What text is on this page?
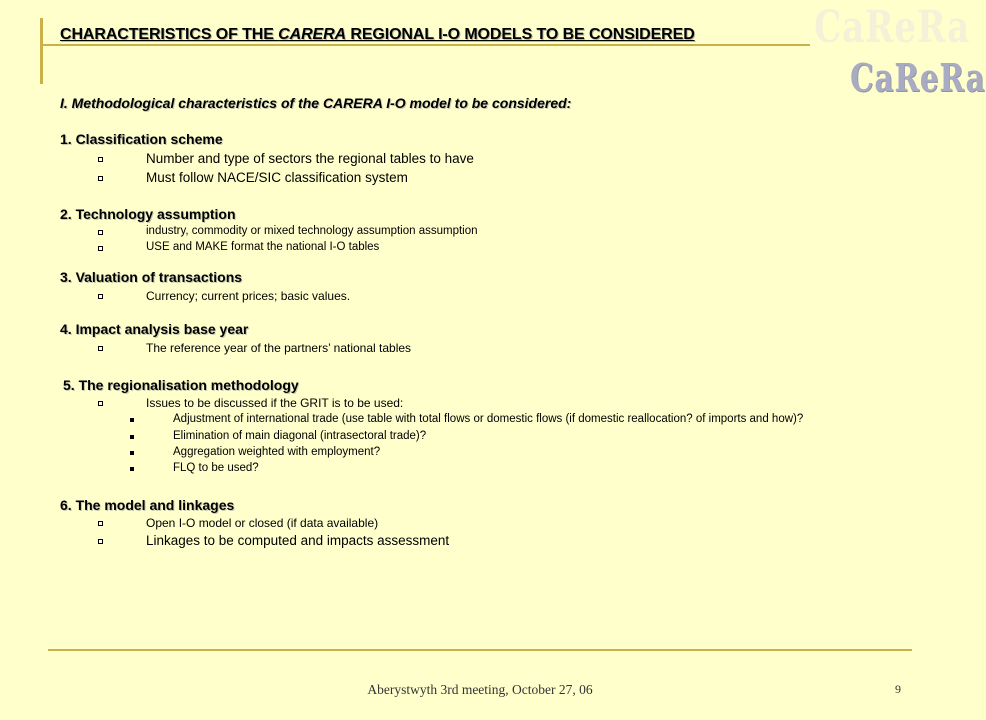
CaReRa
CaReRa
CHARACTERISTICS OF THE CARERA REGIONAL I-O MODELS TO BE CONSIDERED
I. Methodological characteristics of the CARERA I-O model to be considered:
1. Classification scheme
Number and type of sectors the regional tables to have
Must follow NACE/SIC classification system
2. Technology assumption
industry, commodity or mixed technology assumption assumption
USE and MAKE format the national I-O tables
3. Valuation of transactions
Currency; current prices; basic values.
4. Impact analysis base year
The reference year of the partners’ national tables
5. The regionalisation methodology
Issues to be discussed if the GRIT is to be used:
Adjustment of international trade (use table with total flows or domestic flows (if domestic reallocation? of imports and how)?
Elimination of main diagonal (intrasectoral trade)?
Aggregation weighted with employment?
FLQ to be used?
6. The model and linkages
Open I-O model or closed (if data available)
Linkages to be computed and impacts assessment
Aberystwyth 3rd meeting, October 27, 06	9
